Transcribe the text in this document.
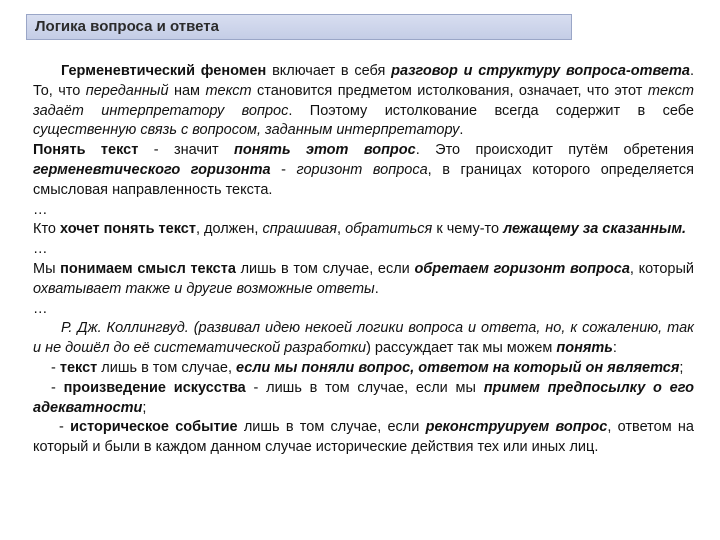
Логика вопроса и ответа

Герменевтический феномен включает в себя разговор и структуру вопроса-ответа. То, что переданный нам текст становится предметом истолкования, означает, что этот текст задаёт интерпретатору вопрос. Поэтому истолкование всегда содержит в себе существенную связь с вопросом, заданным интерпретатору.

Понять текст - значит понять этот вопрос. Это происходит путём обретения герменевтического горизонта - горизонт вопроса, в границах которого определяется смысловая направленность текста.

…

Кто хочет понять текст, должен, спрашивая, обратиться к чему-то лежащему за сказанным.

…

Мы понимаем смысл текста лишь в том случае, если обретаем горизонт вопроса, который охватывает также и другие возможные ответы.

…

Р. Дж. Коллингвуд. (развивал идею некоей логики вопроса и ответа, но, к сожалению, так и не дошёл до её систематической разработки) рассуждает так мы можем понять:

- текст лишь в том случае, если мы поняли вопрос, ответом на который он является;

- произведение искусства - лишь в том случае, если мы примем предпосылку о его адекватности;

- историческое событие лишь в том случае, если реконструируем вопрос, ответом на который и были в каждом данном случае исторические действия тех или иных лиц.
